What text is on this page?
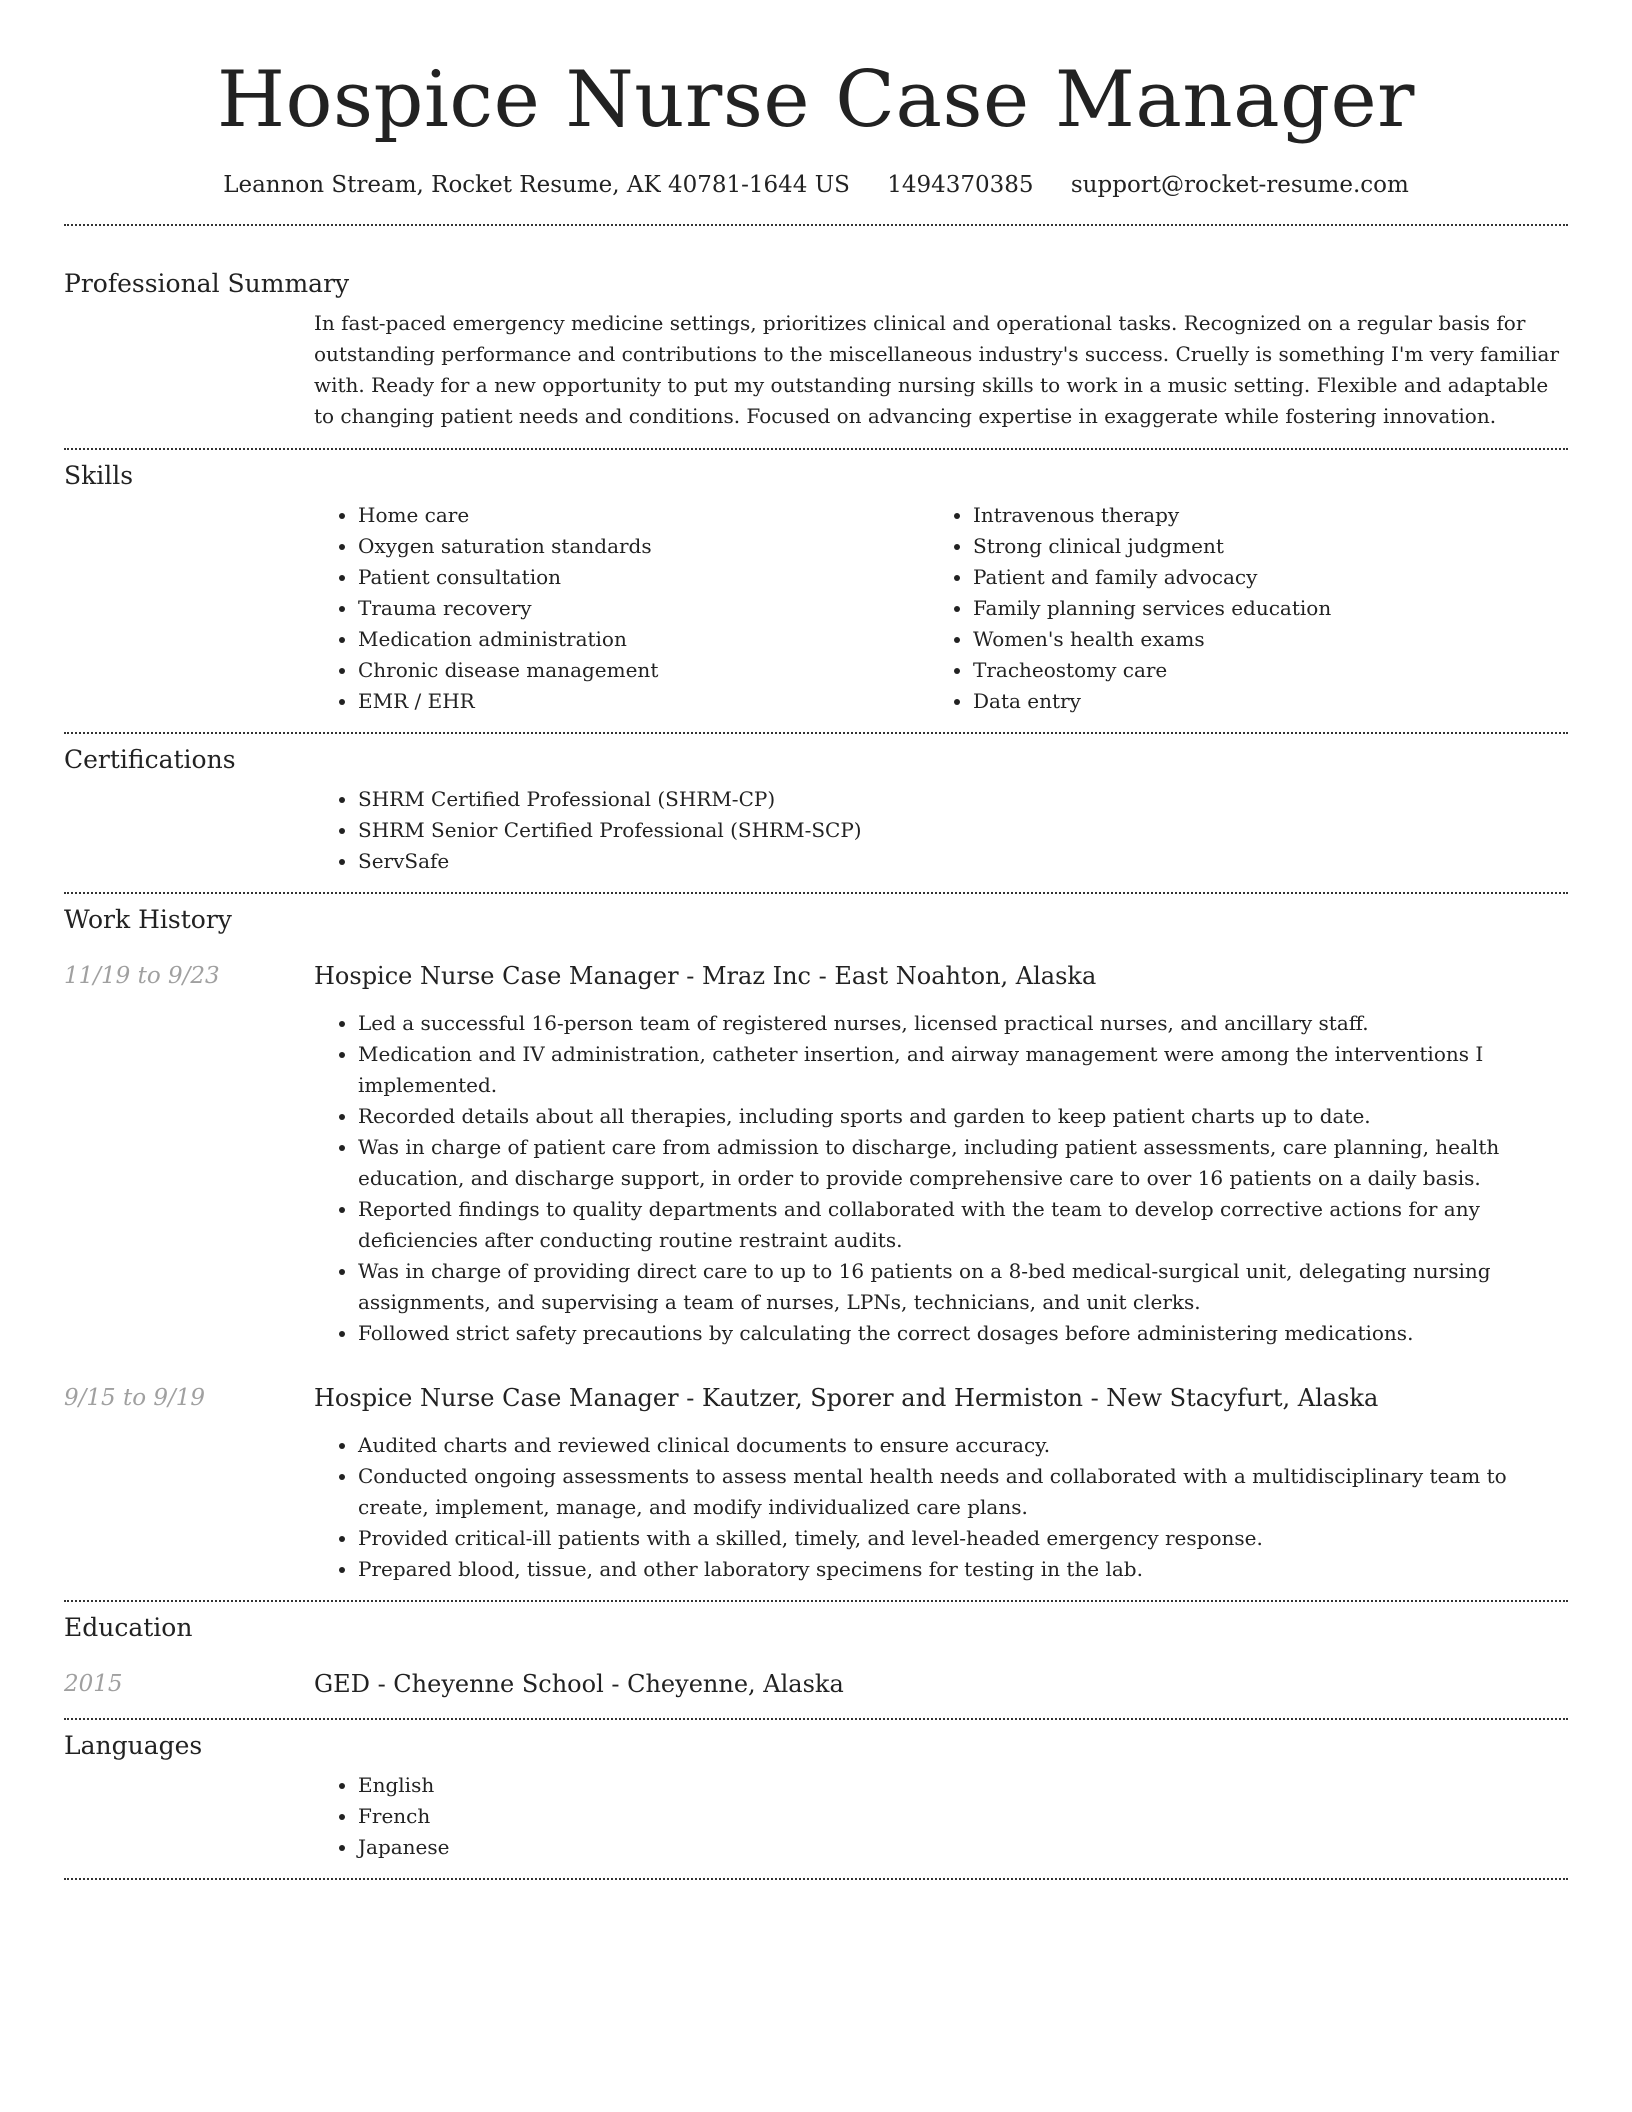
Hospice Nurse Case Manager
Leannon Stream, Rocket Resume, AK 40781-1644 US 1494370385 support@rocket-resume.com
Professional Summary

In fast-paced emergency medicine settings, prioritizes clinical and operational tasks. Recognized on a regular basis for outstanding performance and contributions to the miscellaneous industry's success. Cruelly is something I'm very familiar with. Ready for a new opportunity to put my outstanding nursing skills to work in a music setting. Flexible and adaptable to changing patient needs and conditions. Focused on advancing expertise in exaggerate while fostering innovation.

Skills
• Home care
• Oxygen saturation standards
• Patient consultation
• Trauma recovery
• Medication administration
• Chronic disease management
• EMR / EHR
• Intravenous therapy
• Strong clinical judgment
• Patient and family advocacy
• Family planning services education
• Women's health exams
• Tracheostomy care
• Data entry
Certifications
• SHRM Certified Professional (SHRM-CP)
• SHRM Senior Certified Professional (SHRM-SCP)
• ServSafe
Work History
11/19 to 9/23	Hospice Nurse Case Manager - Mraz Inc - East Noahton, Alaska
• Led a successful 16-person team of registered nurses, licensed practical nurses, and ancillary staff.
• Medication and IV administration, catheter insertion, and airway management were among the interventions I implemented.
• Recorded details about all therapies, including sports and garden to keep patient charts up to date.
• Was in charge of patient care from admission to discharge, including patient assessments, care planning, health education, and discharge support, in order to provide comprehensive care to over 16 patients on a daily basis.
• Reported findings to quality departments and collaborated with the team to develop corrective actions for any deficiencies after conducting routine restraint audits.
• Was in charge of providing direct care to up to 16 patients on a 8-bed medical-surgical unit, delegating nursing assignments, and supervising a team of nurses, LPNs, technicians, and unit clerks.
• Followed strict safety precautions by calculating the correct dosages before administering medications.
9/15 to 9/19	Hospice Nurse Case Manager - Kautzer, Sporer and Hermiston - New Stacyfurt, Alaska
• Audited charts and reviewed clinical documents to ensure accuracy.
• Conducted ongoing assessments to assess mental health needs and collaborated with a multidisciplinary team to create, implement, manage, and modify individualized care plans.
• Provided critical-ill patients with a skilled, timely, and level-headed emergency response.
• Prepared blood, tissue, and other laboratory specimens for testing in the lab.
Education
2015	GED - Cheyenne School - Cheyenne, Alaska
Languages
• English
• French
• Japanese
